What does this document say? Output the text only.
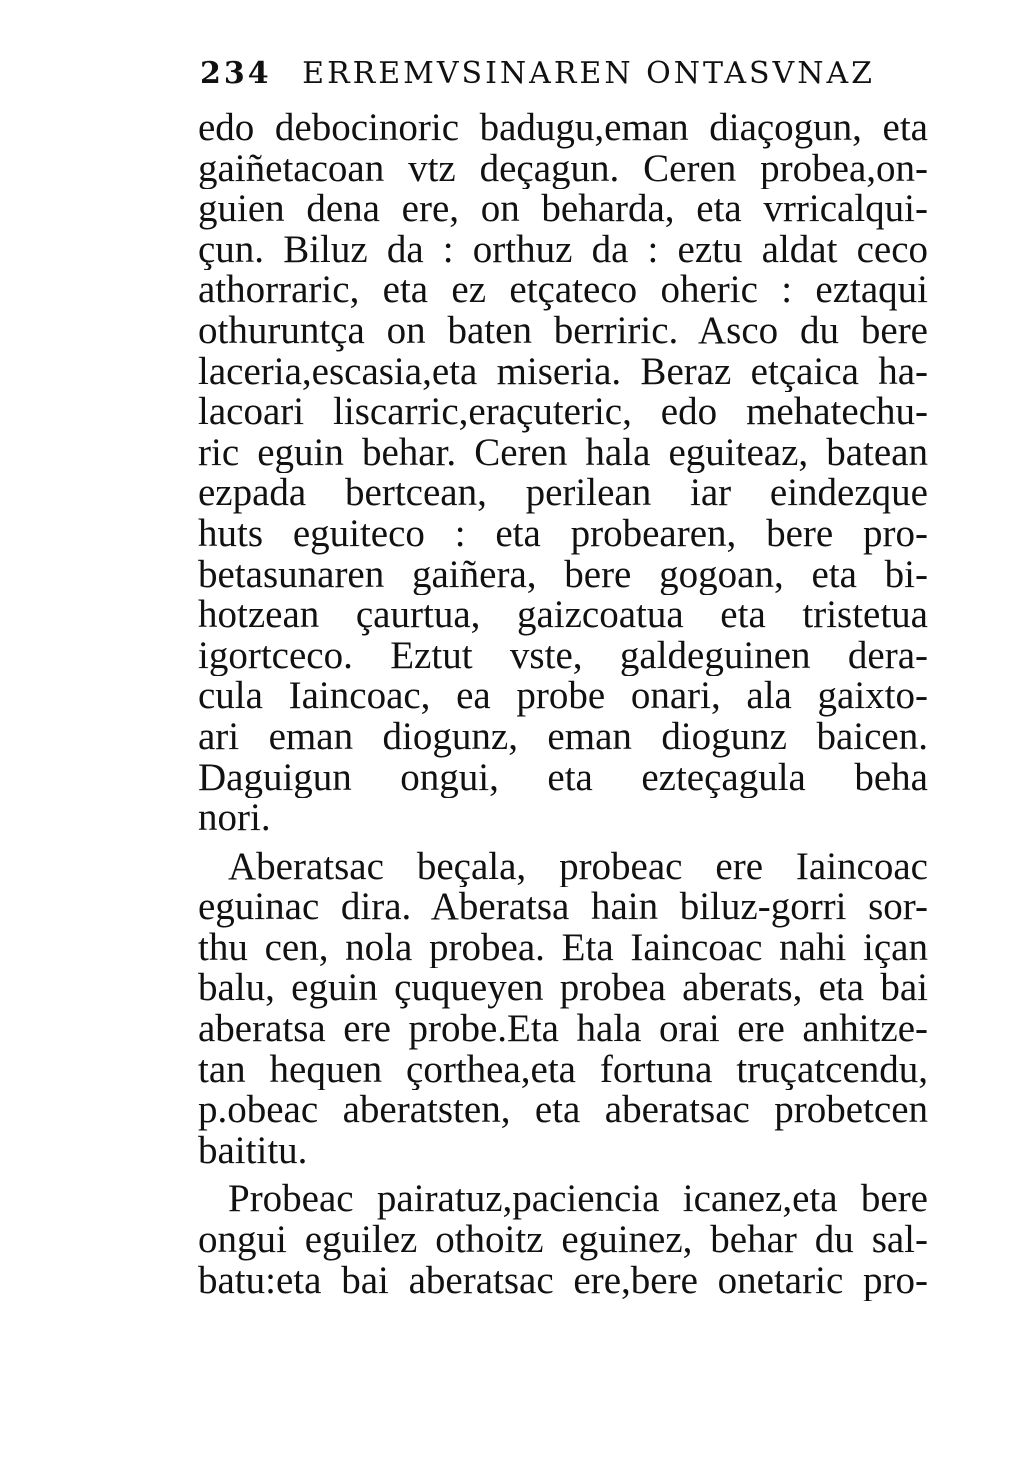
234 ERREMVSINAREN ONTASVNAZ
edo debocinoric badugu,eman diaçogun, eta
gaiñetacoan vtz deçagun. Ceren probea,on-
guien dena ere, on beharda, eta vrricalqui-
çun. Biluz da : orthuz da : eztu aldat ceco
athorraric, eta ez etçateco oheric : eztaqui
othuruntça on baten berriric. Asco du bere
laceria,escasia,eta miseria. Beraz etçaica ha-
lacoari liscarric,eraçuteric, edo mehatechu-
ric eguin behar. Ceren hala eguiteaz, batean
ezpada bertcean, perilean iar eindezque
huts eguiteco : eta probearen, bere pro-
betasunaren gaiñera, bere gogoan, eta bi-
hotzean çaurtua, gaizcoatua eta tristetua
igortceco. Eztut vste, galdeguinen dera-
cula Iaincoac, ea probe onari, ala gaixto-
ari eman diogunz, eman diogunz baicen.
Daguigun ongui, eta ezteçagula beha
nori.
Aberatsac beçala, probeac ere Iaincoac
eguinac dira. Aberatsa hain biluz-gorri sor-
thu cen, nola probea. Eta Iaincoac nahi içan
balu, eguin çuqueyen probea aberats, eta bai
aberatsa ere probe.Eta hala orai ere anhitze-
tan hequen çorthea,eta fortuna truçatcendu,
p.obeac aberatsten, eta aberatsac probetcen
baititu.
Probeac pairatuz,paciencia icanez,eta bere
ongui eguilez othoitz eguinez, behar du sal-
batu:eta bai aberatsac ere,bere onetaric pro-
